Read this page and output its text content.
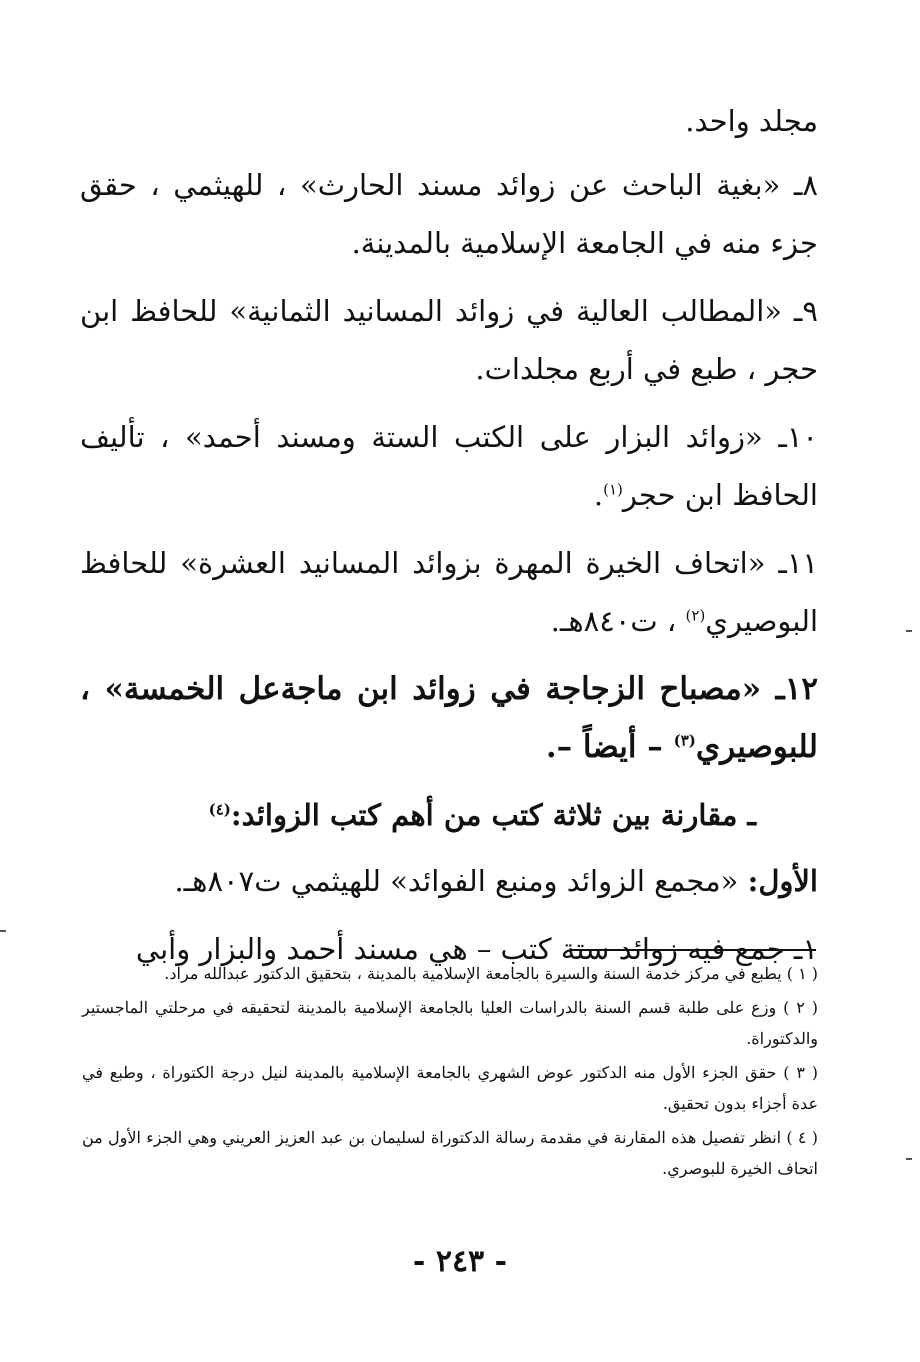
مجلد واحد.

٨ـ «بغية الباحث عن زوائد مسند الحارث» ، للهيثمي ، حقق جزء منه في الجامعة الإسلامية بالمدينة.

٩ـ «المطالب العالية في زوائد المسانيد الثمانية» للحافظ ابن حجر ، طبع في أربع مجلدات.

١٠ـ «زوائد البزار على الكتب الستة ومسند أحمد» ، تأليف الحافظ ابن حجر$^{(١)}$.

١١ـ «اتحاف الخيرة المهرة بزوائد المسانيد العشرة» للحافظ البوصيري$^{(٢)}$ ، ت٨٤٠هـ.

١٢ـ «مصباح الزجاجة في زوائد ابن ماجةعل الخمسة» ، للبوصيري$^{(٣)}$ – أيضاً –.

ـ مقارنة بين ثلاثة كتب من أهم كتب الزوائد:$^{(٤)}$

الأول: «مجمع الزوائد ومنبع الفوائد» للهيثمي ت٨٠٧هـ.

١ـ جمع فيه زوائد ستة كتب – هي مسند أحمد والبزار وأبي

( ١ ) يطبع في مركز خدمة السنة والسيرة بالجامعة الإسلامية بالمدينة ، بتحقيق الدكتور عبدالله مراد.

( ٢ ) وزع على طلبة قسم السنة بالدراسات العليا بالجامعة الإسلامية بالمدينة لتحقيقه في مرحلتي الماجستير والدكتوراة.

( ٣ ) حقق الجزء الأول منه الدكتور عوض الشهري بالجامعة الإسلامية بالمدينة لنيل درجة الكتوراة ، وطبع في عدة أجزاء بدون تحقيق.

( ٤ ) انظر تفصيل هذه المقارنة في مقدمة رسالة الدكتوراة لسليمان بن عبد العزيز العريني وهي الجزء الأول من اتحاف الخيرة للبوصري.

- ٢٤٣ -
